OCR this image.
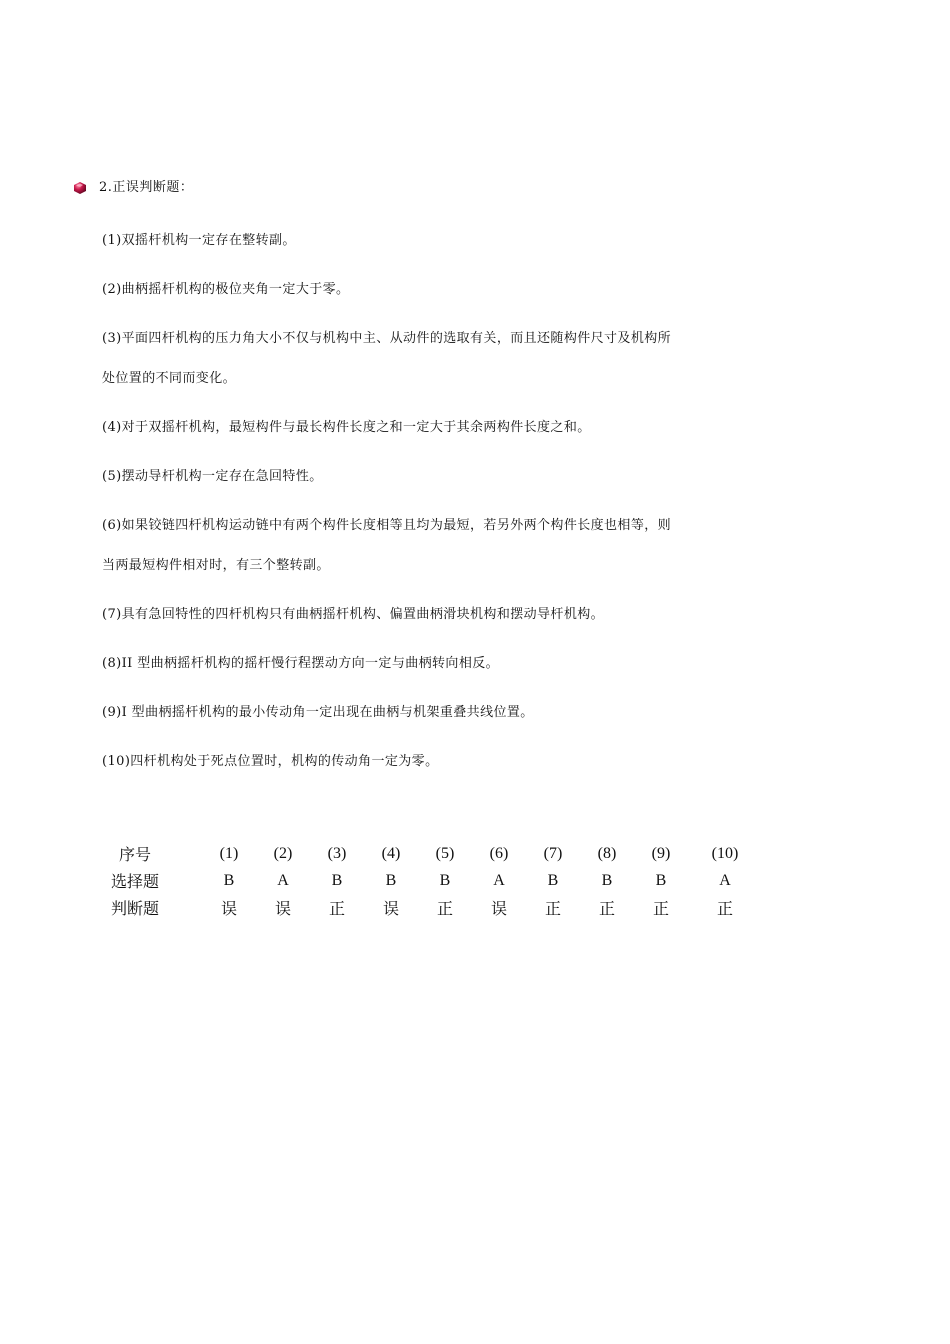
2.正误判断题：
(1)双摇杆机构一定存在整转副。
(2)曲柄摇杆机构的极位夹角一定大于零。
(3)平面四杆机构的压力角大小不仅与机构中主、从动件的选取有关，而且还随构件尺寸及机构所
处位置的不同而变化。
(4)对于双摇杆机构，最短构件与最长构件长度之和一定大于其余两构件长度之和。
(5)摆动导杆机构一定存在急回特性。
(6)如果铰链四杆机构运动链中有两个构件长度相等且均为最短，若另外两个构件长度也相等，则
当两最短构件相对时，有三个整转副。
(7)具有急回特性的四杆机构只有曲柄摇杆机构、偏置曲柄滑块机构和摆动导杆机构。
(8)II 型曲柄摇杆机构的摇杆慢行程摆动方向一定与曲柄转向相反。
(9)I 型曲柄摇杆机构的最小传动角一定出现在曲柄与机架重叠共线位置。
(10)四杆机构处于死点位置时，机构的传动角一定为零。
序号		(1)	(2)	(3)	(4)	(5)	(6)	(7)	(8)	(9)	(10)
选择题		B	A	B	B	B	A	B	B	B	A
判断题		误	误	正	误	正	误	正	正	正	正
